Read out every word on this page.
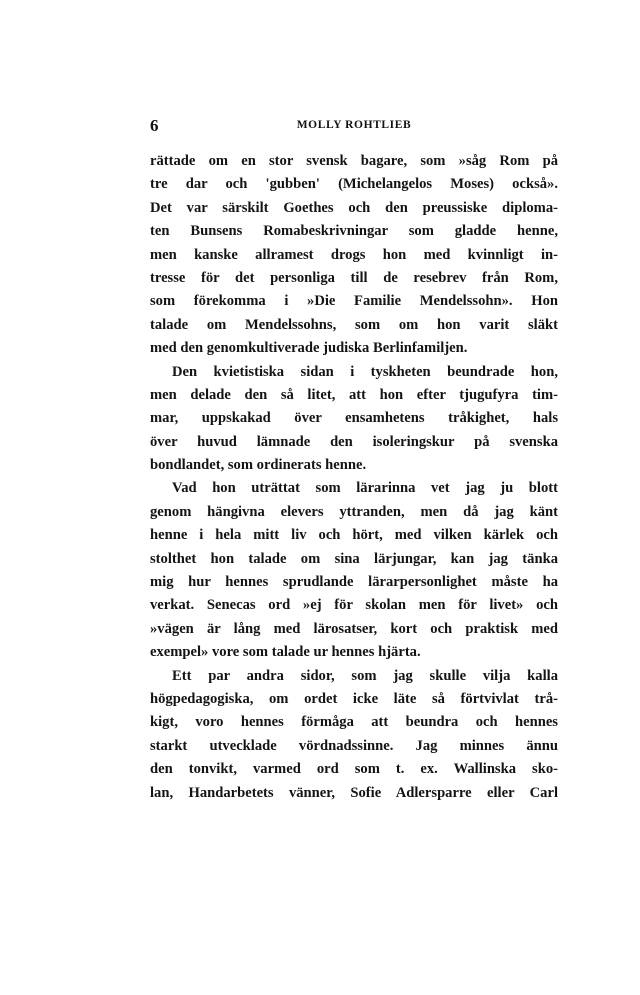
6	MOLLY ROHTLIEB
rättade om en stor svensk bagare, som »såg Rom på
tre dar och 'gubben' (Michelangelos Moses) också».
Det var särskilt Goethes och den preussiske diploma-
ten Bunsens Romabeskrivningar som gladde henne,
men kanske allramest drogs hon med kvinnligt in-
tresse för det personliga till de resebrev från Rom,
som förekomma i »Die Familie Mendelssohn». Hon
talade om Mendelssohns, som om hon varit släkt
med den genomkultiverade judiska Berlinfamiljen.
Den kvietistiska sidan i tyskheten beundrade hon,
men delade den så litet, att hon efter tjugufyra tim-
mar, uppskakad över ensamhetens tråkighet, hals
över huvud lämnade den isoleringskur på svenska
bondlandet, som ordinerats henne.
Vad hon uträttat som lärarinna vet jag ju blott
genom hängivna elevers yttranden, men då jag känt
henne i hela mitt liv och hört, med vilken kärlek och
stolthet hon talade om sina lärjungar, kan jag tänka
mig hur hennes sprudlande lärarpersonlighet måste ha
verkat. Senecas ord »ej för skolan men för livet» och
»vägen är lång med lärosatser, kort och praktisk med
exempel» vore som talade ur hennes hjärta.
Ett par andra sidor, som jag skulle vilja kalla
högpedagogiska, om ordet icke läte så förtvivlat trå-
kigt, voro hennes förmåga att beundra och hennes
starkt utvecklade vördnadssinne. Jag minnes ännu
den tonvikt, varmed ord som t. ex. Wallinska sko-
lan, Handarbetets vänner, Sofie Adlersparre eller Carl
